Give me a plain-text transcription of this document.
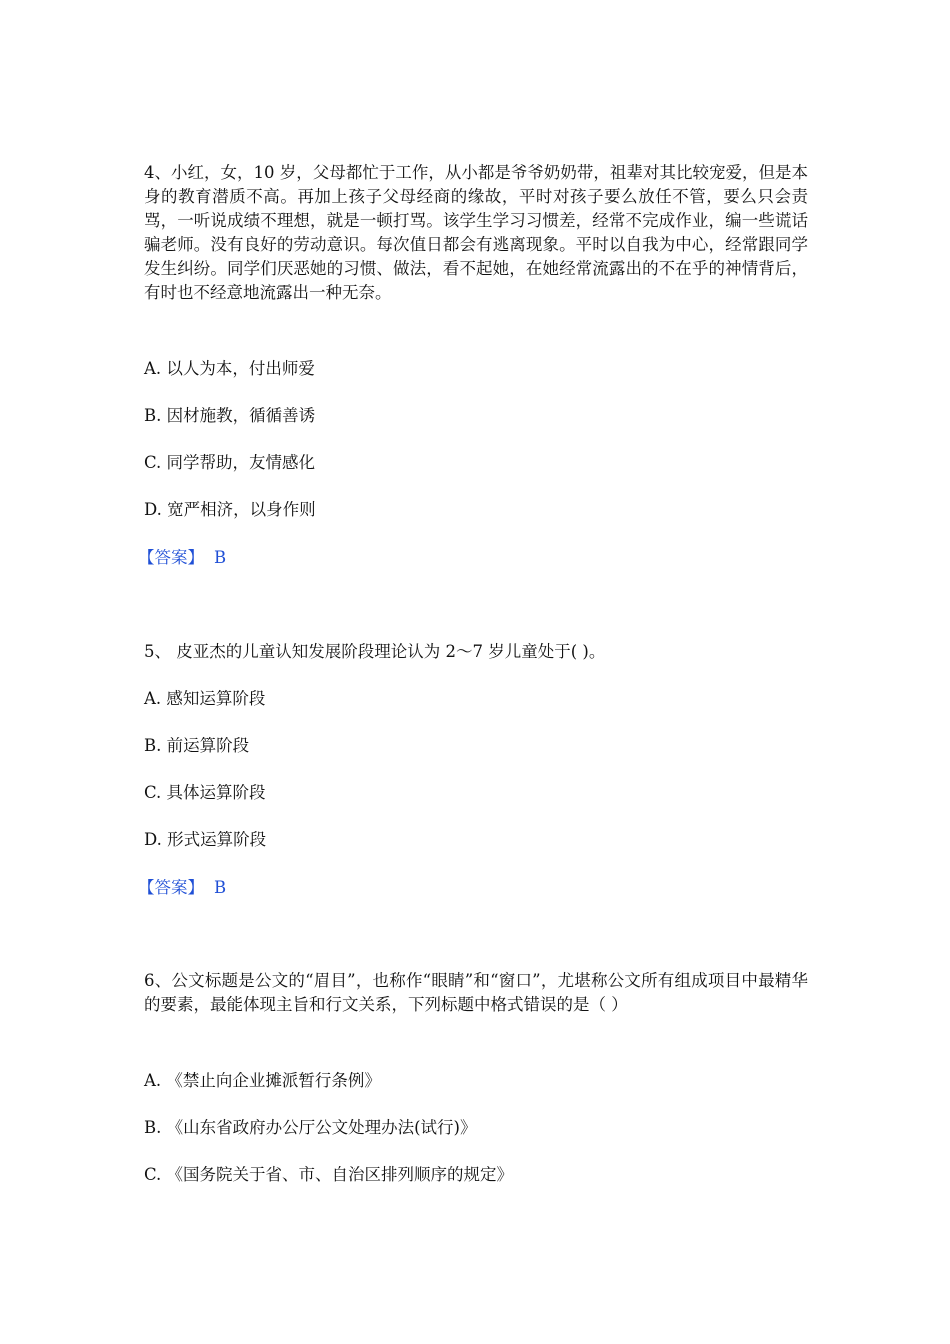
4、小红，女，10 岁，父母都忙于工作，从小都是爷爷奶奶带，祖辈对其比较宠爱，但是本身的教育潜质不高。再加上孩子父母经商的缘故，平时对孩子要么放任不管，要么只会责骂，一听说成绩不理想，就是一顿打骂。该学生学习习惯差，经常不完成作业，编一些谎话骗老师。没有良好的劳动意识。每次值日都会有逃离现象。平时以自我为中心，经常跟同学发生纠纷。同学们厌恶她的习惯、做法，看不起她，在她经常流露出的不在乎的神情背后，有时也不经意地流露出一种无奈。

A. 以人为本，付出师爱

B. 因材施教，循循善诱

C. 同学帮助，友情感化

D. 宽严相济，以身作则

【答案】 B

5、 皮亚杰的儿童认知发展阶段理论认为 2～7 岁儿童处于( )。

A. 感知运算阶段

B. 前运算阶段

C. 具体运算阶段

D. 形式运算阶段

【答案】 B

6、公文标题是公文的“眉目”，也称作“眼睛”和“窗口”，尤堪称公文所有组成项目中最精华的要素，最能体现主旨和行文关系，下列标题中格式错误的是（ ）

A. 《禁止向企业摊派暂行条例》

B. 《山东省政府办公厅公文处理办法(试行)》

C. 《国务院关于省、市、自治区排列顺序的规定》
